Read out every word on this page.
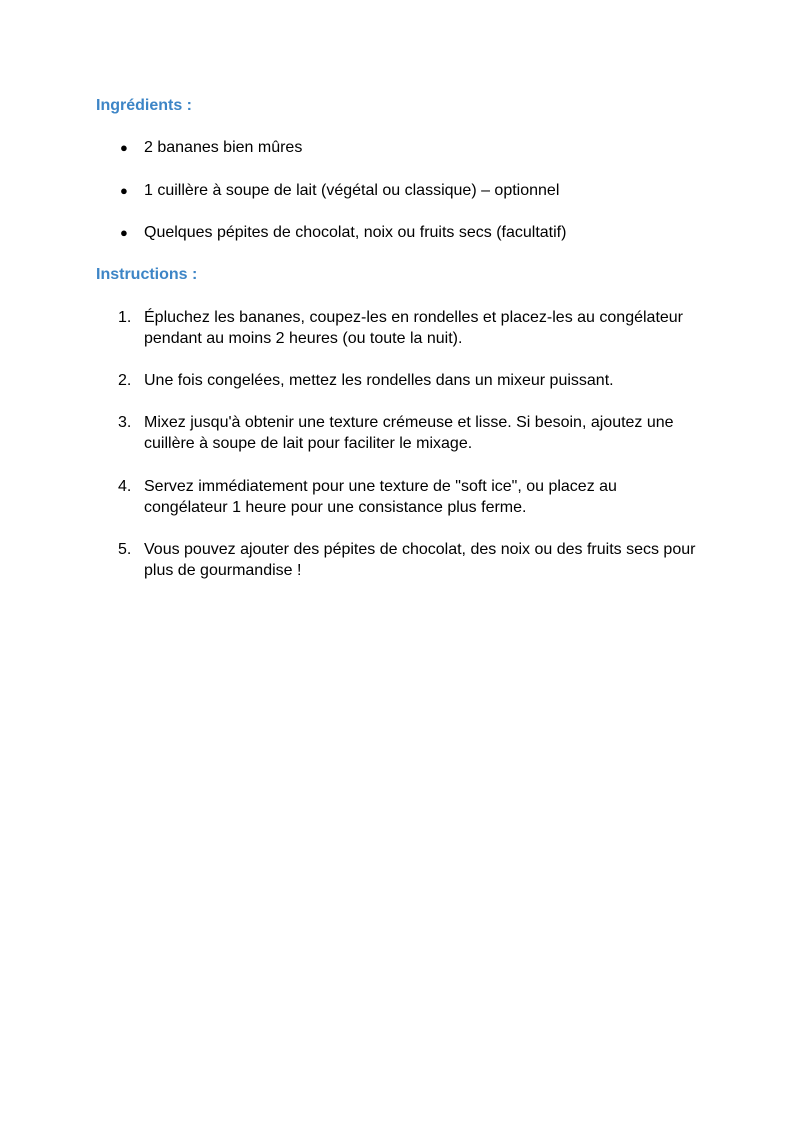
Ingrédients :
●	2 bananes bien mûres
●	1 cuillère à soupe de lait (végétal ou classique) – optionnel
●	Quelques pépites de chocolat, noix ou fruits secs (facultatif)
Instructions :
1. Épluchez les bananes, coupez-les en rondelles et placez-les au congélateur
pendant au moins 2 heures (ou toute la nuit).
2. Une fois congelées, mettez les rondelles dans un mixeur puissant.
3. Mixez jusqu'à obtenir une texture crémeuse et lisse. Si besoin, ajoutez une
cuillère à soupe de lait pour faciliter le mixage.
4. Servez immédiatement pour une texture de "soft ice", ou placez au
congélateur 1 heure pour une consistance plus ferme.
5. Vous pouvez ajouter des pépites de chocolat, des noix ou des fruits secs pour
plus de gourmandise !
